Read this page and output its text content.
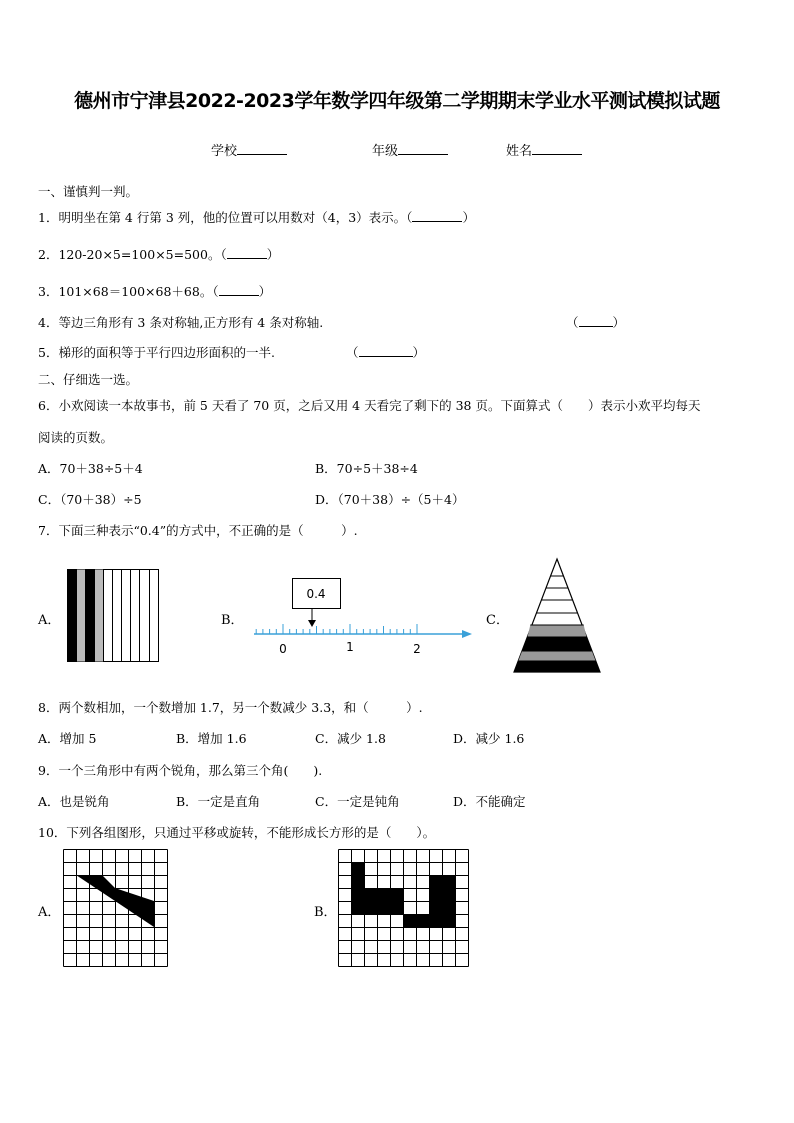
德州市宁津县2022-2023学年数学四年级第二学期期末学业水平测试模拟试题
学校	年级	姓名
一、谨慎判一判。
1．明明坐在第 4 行第 3 列，他的位置可以用数对（4，3）表示。（	）
2．120-20×5=100×5=500。（	）
3．101×68＝100×68＋68。（	）
4．等边三角形有 3 条对称轴,正方形有 4 条对称轴.	（	）
5．梯形的面积等于平行四边形面积的一半.	（	）
二、仔细选一选。
6．小欢阅读一本故事书，前 5 天看了 70 页，之后又用 4 天看完了剩下的 38 页。下面算式（　　）表示小欢平均每天
阅读的页数。
A．70＋38÷5＋4	B．70÷5＋38÷4
C．（70＋38）÷5	D．（70＋38）÷（5＋4）
7．下面三种表示“0.4”的方式中，不正确的是（　　　）.
A．	B．
0.4
0	1	2
C．
8．两个数相加，一个数增加 1.7，另一个数减少 3.3，和（　　　）.
A．增加 5	B．增加 1.6	C．减少 1.8	D．减少 1.6
9．一个三角形中有两个锐角，那么第三个角(　　).
A．也是锐角	B．一定是直角	C．一定是钝角	D．不能确定
10．下列各组图形，只通过平移或旋转，不能形成长方形的是（　　）。
A．	B．
